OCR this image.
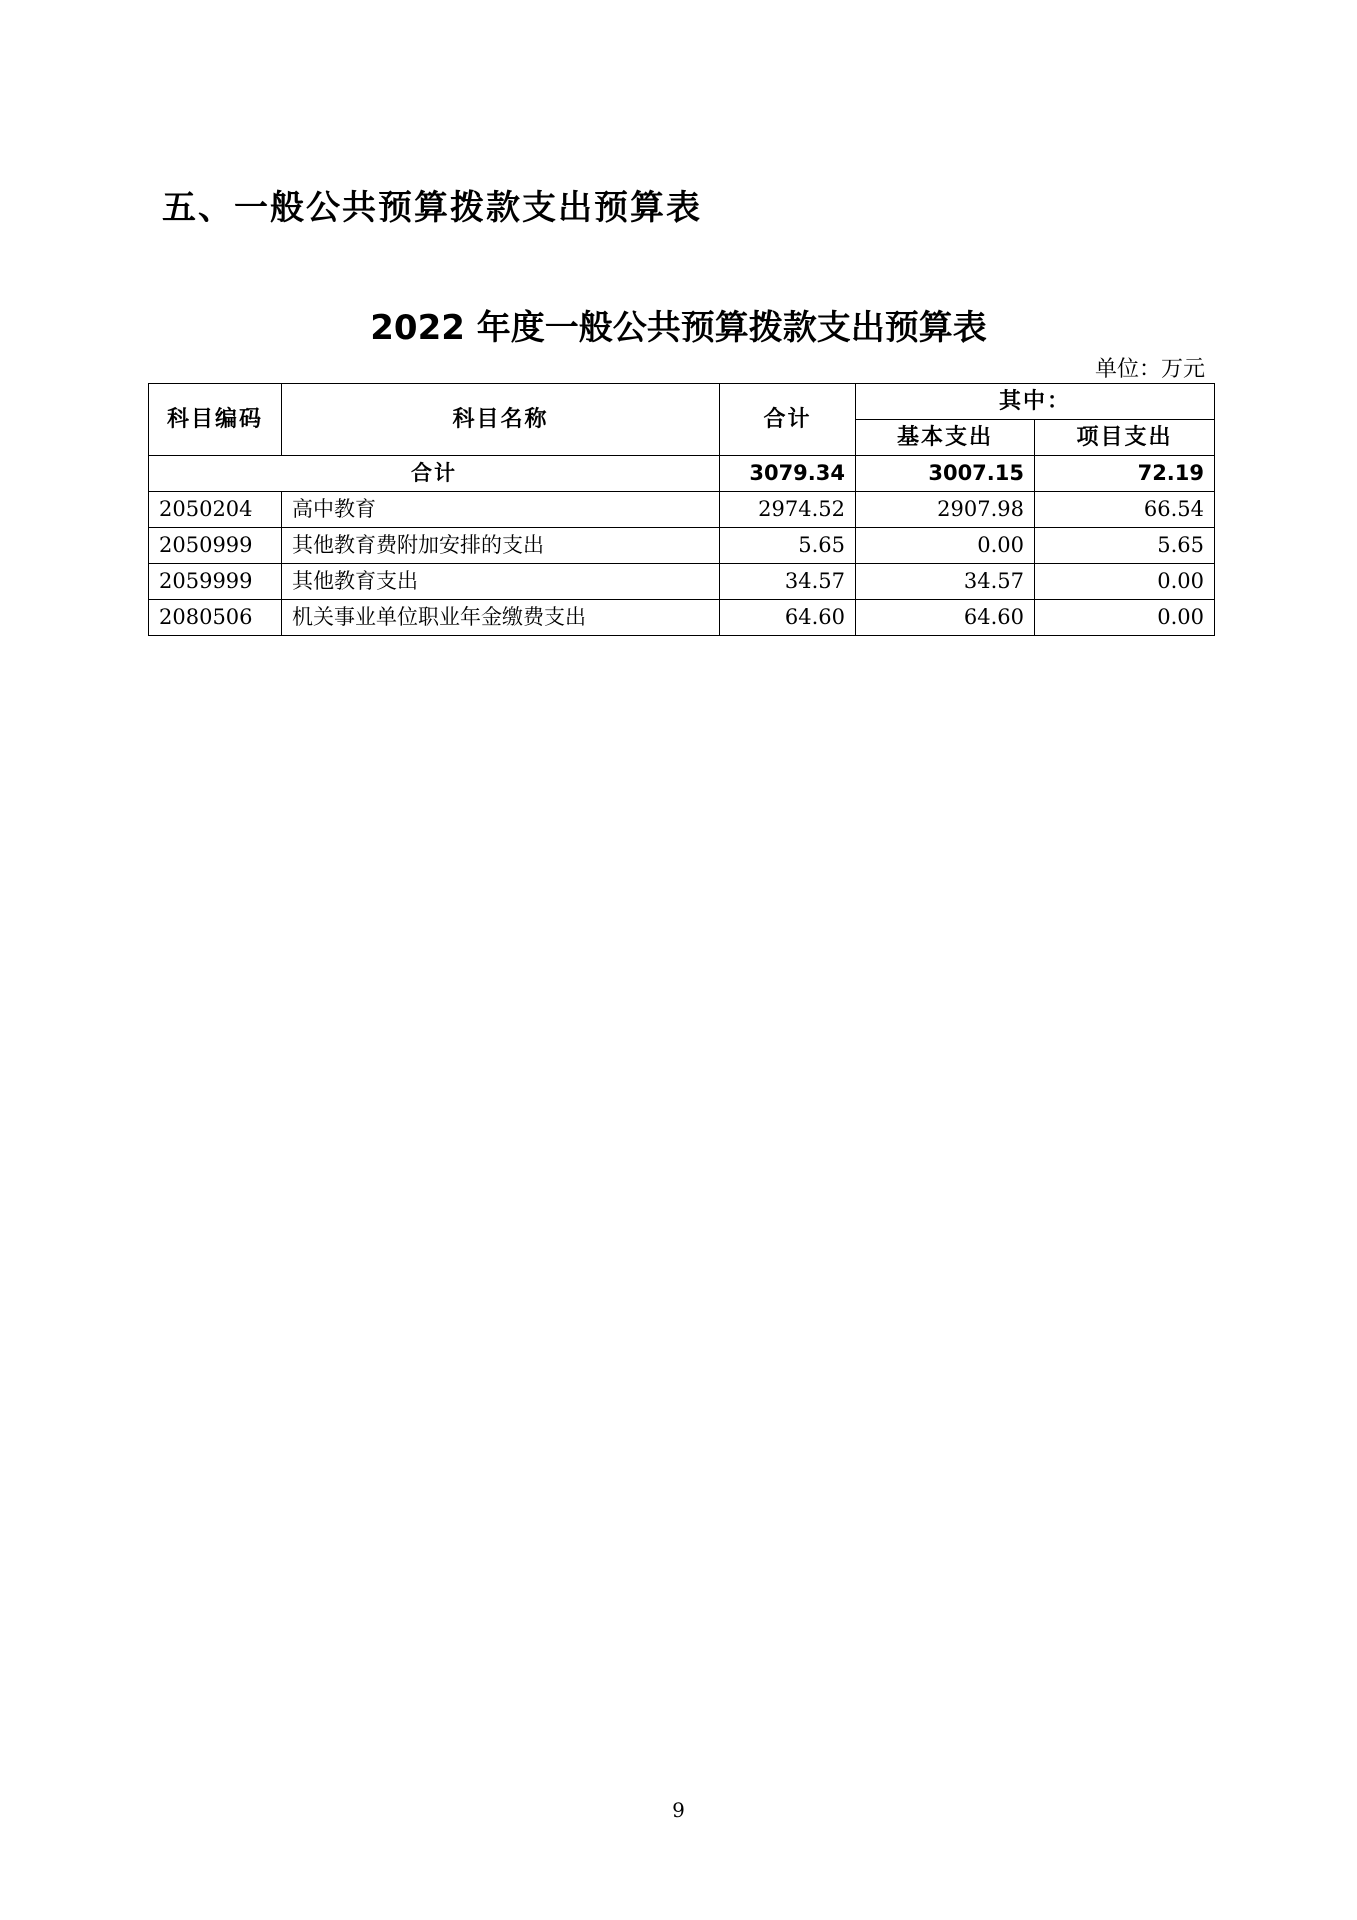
五、一般公共预算拨款支出预算表
2022 年度一般公共预算拨款支出预算表
单位：万元
科目编码	科目名称	合计	其中：	
			基本支出	项目支出
合计		3079.34	3007.15	72.19
2050204	高中教育	2974.52	2907.98	66.54
2050999	其他教育费附加安排的支出	5.65	0.00	5.65
2059999	其他教育支出	34.57	34.57	0.00
2080506	机关事业单位职业年金缴费支出	64.60	64.60	0.00
9
